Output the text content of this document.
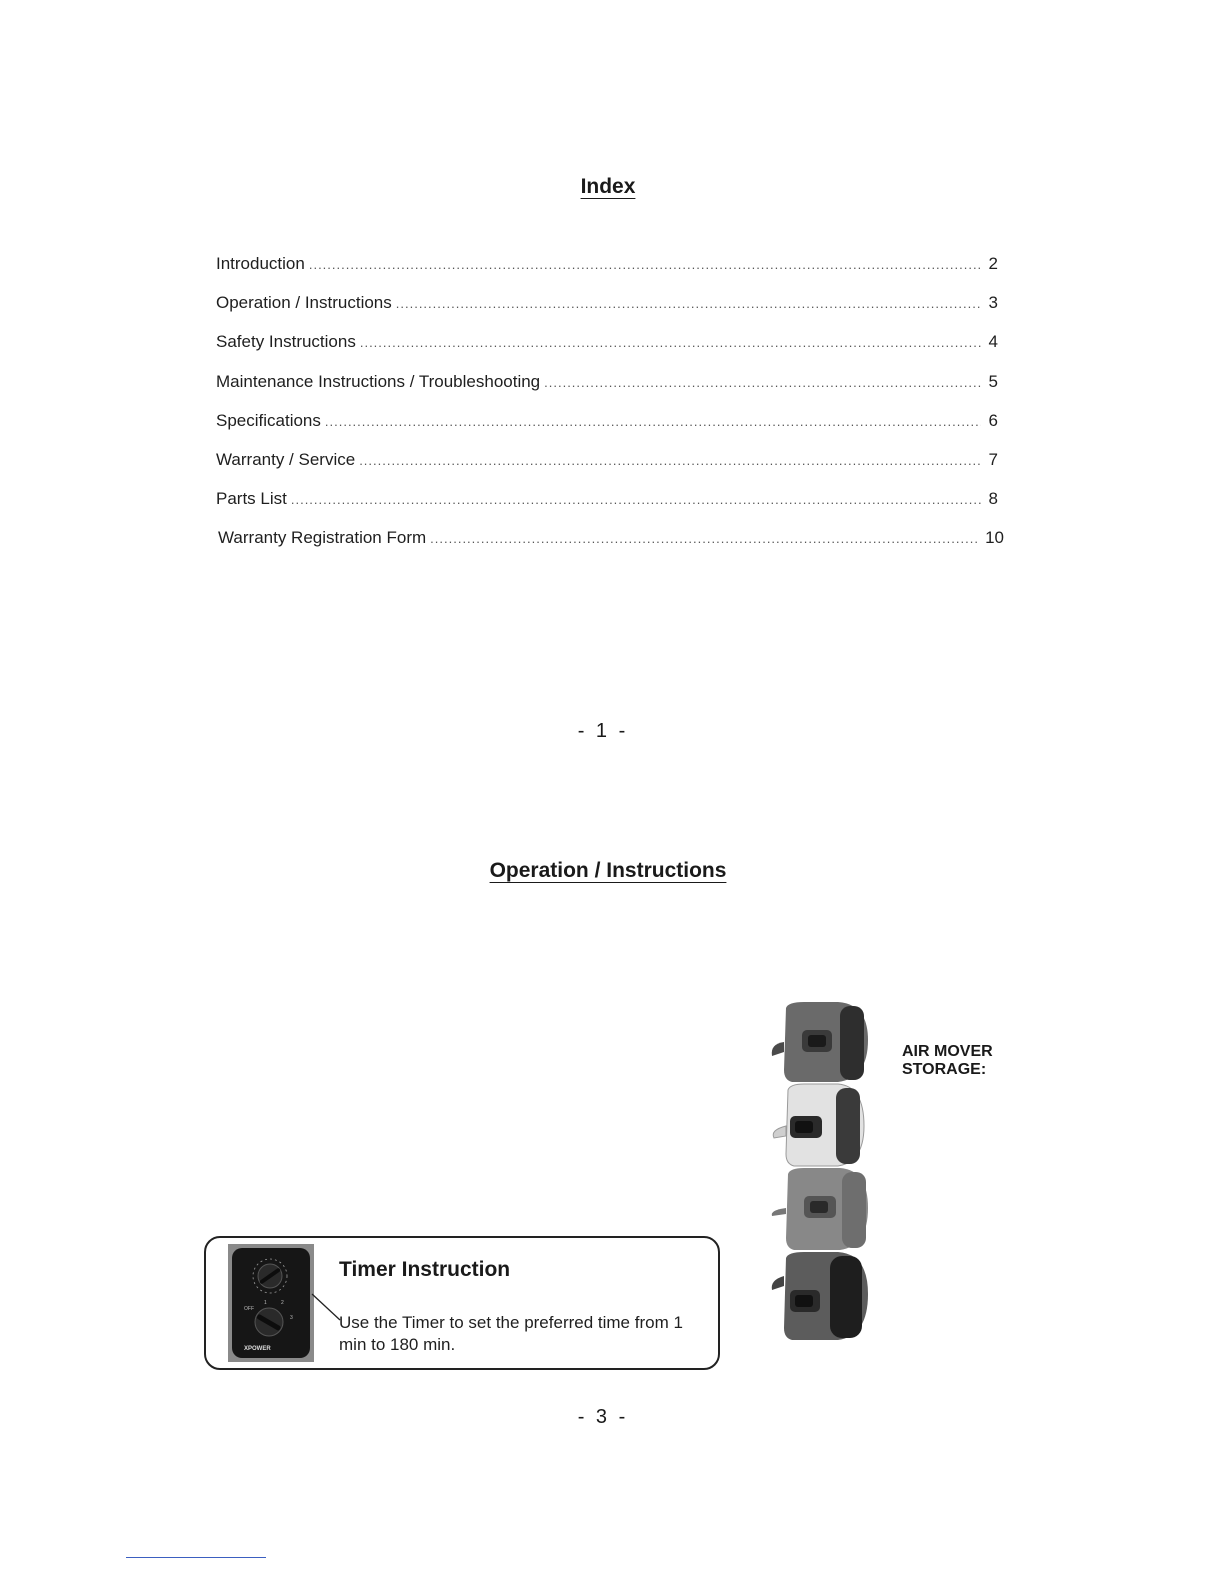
Index
Introduction .....	2
Operation / Instructions .....	3
Safety Instructions .....	4
Maintenance Instructions / Troubleshooting .....	5
Specifications .....	6
Warranty / Service .....	7
Parts List .....	8
Warranty Registration Form .....	10
- 1 -
Operation / Instructions
AIR MOVER STORAGE:
OFF
1	2
3
XPOWER
Timer Instruction
Use the Timer to set the preferred time from 1 min to 180 min.
- 3 -
